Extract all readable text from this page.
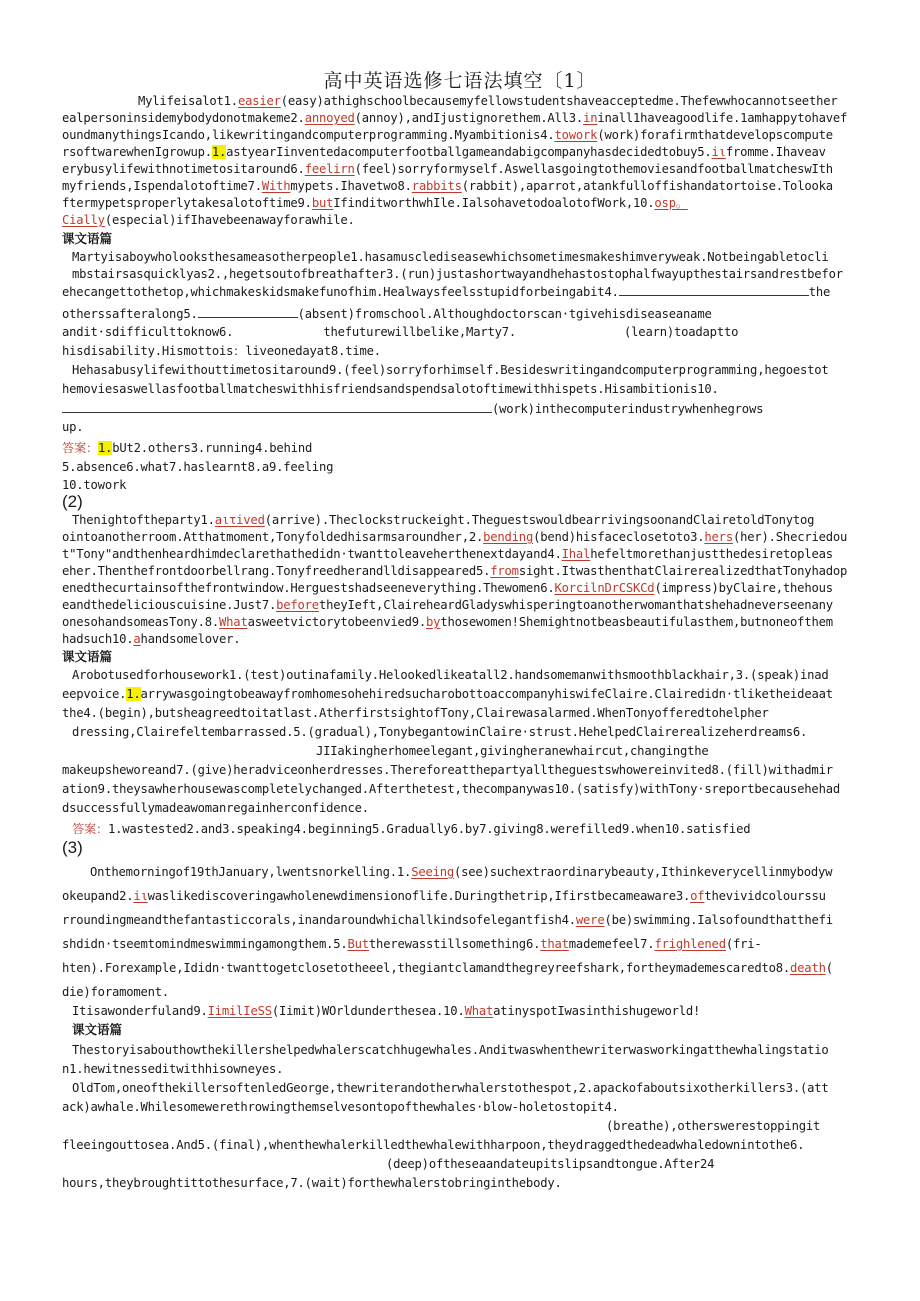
高中英语选修七语法填空〔1〕
Mylifeisalot1.easier(easy)athighschoolbecausemyfellowstudentshaveacceptedme.Thefewwhocannotseether
ealpersoninsidemybodydonotmakeme2.annoyed(annoy),andIjustignorethem.All3.ininall1haveagoodlife.1amhappytohavef
oundmanythingsIcando,likewritingandcomputerprogramming.Myambitionis4.towork(work)forafirmthatdevelopscompute
rsoftwarewhenIgrowup.1.astyearIinventedacomputerfootballgameandabigcompanyhasdecidedtobuy5.iιfromme.Ihaveav
erybusylifewithnotimetositaround6.feelirn(feel)sorryformyself.AswellasgoingtothemoviesandfootballmatcheswIth
myfriends,Ispendalotoftime7.Withmypets.Ihavetwo8.rabbits(rabbit),aparrot,atankfulloffishandatortoise.Tolooka
ftermypetsproperlytakesalotoftime9.butIfinditworthwhIle.IalsohavetodoalotofWork,10.osp。
Cially(especial)ifIhavebeenawayforawhile.
课文语篇
Martyisaboywholooksthesameasotherpeople1.hasamusclediseasewhichsometimesmakeshimveryweak.Notbeingabletocli
mbstairsasquicklyas2.,hegetsoutofbreathafter3.(run)justashortwayandhehastostophalfwayupthestairsandrestbefor
ehecangettothetop,whichmakeskidsmakefunofhim.Healwaysfeelsstupidforbeingabit4.	the
otherssafteralong5.	(absent)fromschool.Althoughdoctorscan·tgivehisdiseaseaname
andit·sdifficulttoknow6.	thefuturewillbelike,Marty7.	(learn)toadaptto
hisdisability.Hismottois：liveonedayat8.time.
Hehasabusylifewithouttimetositaround9.(feel)sorryforhimself.Besideswritingandcomputerprogramming,hegoestot
hemoviesaswellasfootballmatcheswithhisfriendsandspendsalotoftimewithhispets.Hisambitionis10.
(work)inthecomputerindustrywhenhegrows
up.
答案：1.bUt2.others3.running4.behind
5.absence6.what7.haslearnt8.a9.feeling
10.towork
(2)
Thenightoftheparty1.aιτived(arrive).Theclockstruckeight.TheguestswouldbearrivingsoonandClairetoldTonytog
ointoanotherroom.Atthatmoment,Tonyfoldedhisarmsaroundher,2.bending(bend)hisfaceclosetoto3.hers(her).Shecriedou
t"Tony"andthenheardhimdeclarethathedidn·twanttoleaveherthenextdayand4.Ihalhefeltmorethanjustthedesiretopleas
eher.Thenthefrontdoorbellrang.Tonyfreedherandlldisappeared5.fromsight.ItwasthenthatClairerealizedthatTonyhadop
enedthecurtainsofthefrontwindow.Herguestshadseeneverything.Thewomen6.KorcilnDrCSKCd(impress)byClaire,thehous
eandthedeliciouscuisine.Just7.beforetheyIeft,ClaireheardGladyswhisperingtoanotherwomanthatshehadneverseenany
onesohandsomeasTony.8.Whatasweetvictorytobeenvied9.bythosewomen!Shemightnotbeasbeautifulasthem,butnoneofthem
hadsuch10.ahandsomelover.
课文语篇
Arobotusedforhousework1.(test)outinafamily.Helookedlikeatall2.handsomemanwithsmoothblackhair,3.(speak)inad
eepvoice.1.arrywasgoingtobeawayfromhomesohehiredsucharobottoaccompanyhiswifeClaire.Clairedidn·tliketheideaat
the4.(begin),butsheagreedtoitatlast.AtherfirstsightofTony,Clairewasalarmed.WhenTonyofferedtohelpher
dressing,Clairefeltembarrassed.5.(gradual),TonybegantowinClaire·strust.HehelpedClairerealizeherdreams6.
JIIakingherhomeelegant,givingheranewhaircut,changingthe
makeupsheworeand7.(give)heradviceonherdresses.Thereforeatthepartyalltheguestswhowereinvited8.(fill)withadmir
ation9.theysawherhousewascompletelychanged.Afterthetest,thecompanywas10.(satisfy)withTony·sreportbecausehehad
dsuccessfullymadeawomanregainherconfidence.
答案：1.wastested2.and3.speaking4.beginning5.Gradually6.by7.giving8.werefilled9.when10.satisfied
(3)
Onthemorningof19thJanuary,lwentsnorkelling.1.Seeing(see)suchextraordinarybeauty,Ithinkeverycellinmybodyw
okeupand2.iιwaslikediscoveringawholenewdimensionoflife.Duringthetrip,Ifirstbecameaware3.ofthevividcolourssu
rroundingmeandthefantasticcorals,inandaroundwhichallkindsofelegantfish4.were(be)swimming.Ialsofoundthatthefi
shdidn·tseemtomindmeswimmingamongthem.5.Buttherewasstillsomething6.thatmademefeel7.frighlened(fri-
hten).Forexample,Ididn·twanttogetclosetotheeel,thegiantclamandthegreyreefshark,fortheymademescaredto8.death(
die)foramoment.
Itisawonderfuland9.IimilIeSS(Iimit)WOrldunderthesea.10.WhatatinyspotIwasinthishugeworld!
课文语篇
Thestoryisabouthowthekillershelpedwhalerscatchhugewhales.Anditwaswhenthewriterwasworkingatthewhalingstatio
n1.hewitnesseditwithhisowneyes.
OldTom,oneofthekillersoftenledGeorge,thewriterandotherwhalerstothespot,2.apackofaboutsixotherkillers3.(att
ack)awhale.Whilesomewerethrowingthemselvesontopofthewhales·blow-holetostopit4.
(breathe),otherswerestoppingit
fleeingouttosea.And5.(final),whenthewhalerkilledthewhalewithharpoon,theydraggedthedeadwhaledownintothe6.
(deep)oftheseaandateupitslipsandtongue.After24
hours,theybroughtittothesurface,7.(wait)forthewhalerstobringinthebody.
